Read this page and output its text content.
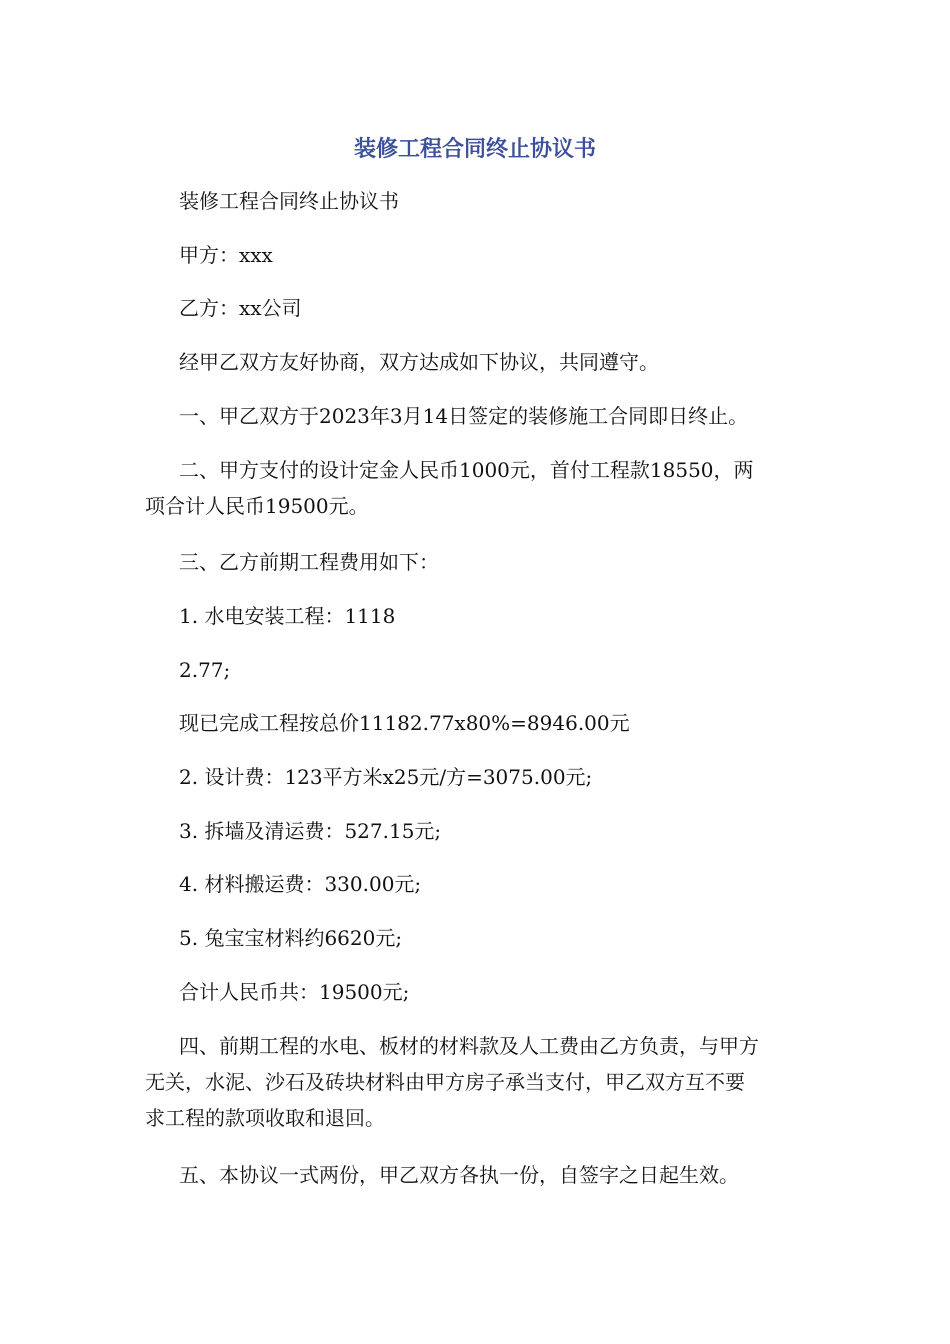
装修工程合同终止协议书
装修工程合同终止协议书
甲方：xxx
乙方：xx公司
经甲乙双方友好协商，双方达成如下协议，共同遵守。
一、甲乙双方于2023年3月14日签定的装修施工合同即日终止。
二、甲方支付的设计定金人民币1000元，首付工程款18550，两
项合计人民币19500元。
三、乙方前期工程费用如下：
1. 水电安装工程：1118
2.77;
现已完成工程按总价11182.77x80%=8946.00元
2. 设计费：123平方米x25元/方=3075.00元;
3. 拆墙及清运费：527.15元;
4. 材料搬运费：330.00元;
5. 兔宝宝材料约6620元;
合计人民币共：19500元;
四、前期工程的水电、板材的材料款及人工费由乙方负责，与甲方
无关，水泥、沙石及砖块材料由甲方房子承当支付，甲乙双方互不要
求工程的款项收取和退回。
五、本协议一式两份，甲乙双方各执一份，自签字之日起生效。
